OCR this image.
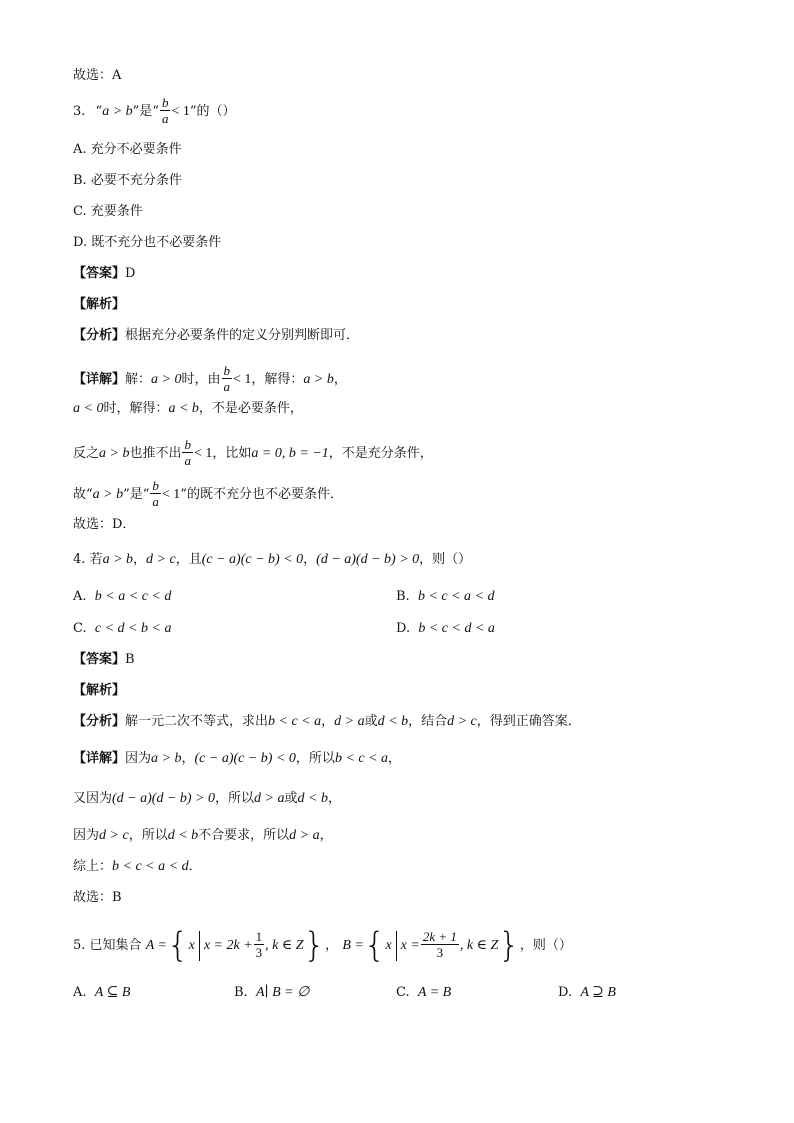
故选：A
3. “a > b”是“ $\frac{b}{a} < 1$”的（）
A. 充分不必要条件
B. 必要不充分条件
C. 充要条件
D. 既不充分也不必要条件
【答案】D
【解析】
【分析】根据充分必要条件的定义分别判断即可．
【详解】解：a > 0时，由 $\frac{b}{a} < 1$，解得：a > b，
a < 0时，解得：a < b，不是必要条件，
反之a > b也推不出 $\frac{b}{a} < 1$，比如a = 0, b = −1，不是充分条件，
故“a > b”是“ $\frac{b}{a} < 1$”的既不充分也不必要条件．
故选：D．
4. 若a > b，d > c，且(c − a)(c − b) < 0，(d − a)(d − b) > 0，则（）
A. b < a < c < d	B. b < c < a < d
C. c < d < b < a	D. b < c < d < a
【答案】B
【解析】
【分析】解一元二次不等式，求出b < c < a，d > a或d < b，结合d > c，得到正确答案．
【详解】因为a > b，(c − a)(c − b) < 0，所以b < c < a，
又因为(d − a)(d − b) > 0，所以d > a或d < b，
因为d > c，所以d < b不合要求，所以d > a，
综上：b < c < a < d．
故选：B
5. 已知集合 A ={x $x = 2k + \frac{1}{3}$ , k ∈ Z}， B ={x $x = \frac{2k + 1}{3}$ , k ∈ Z}，则（）
A. A ⊆ B	B. A∣ B = ∅	C. A = B	D. A ⊇ B
